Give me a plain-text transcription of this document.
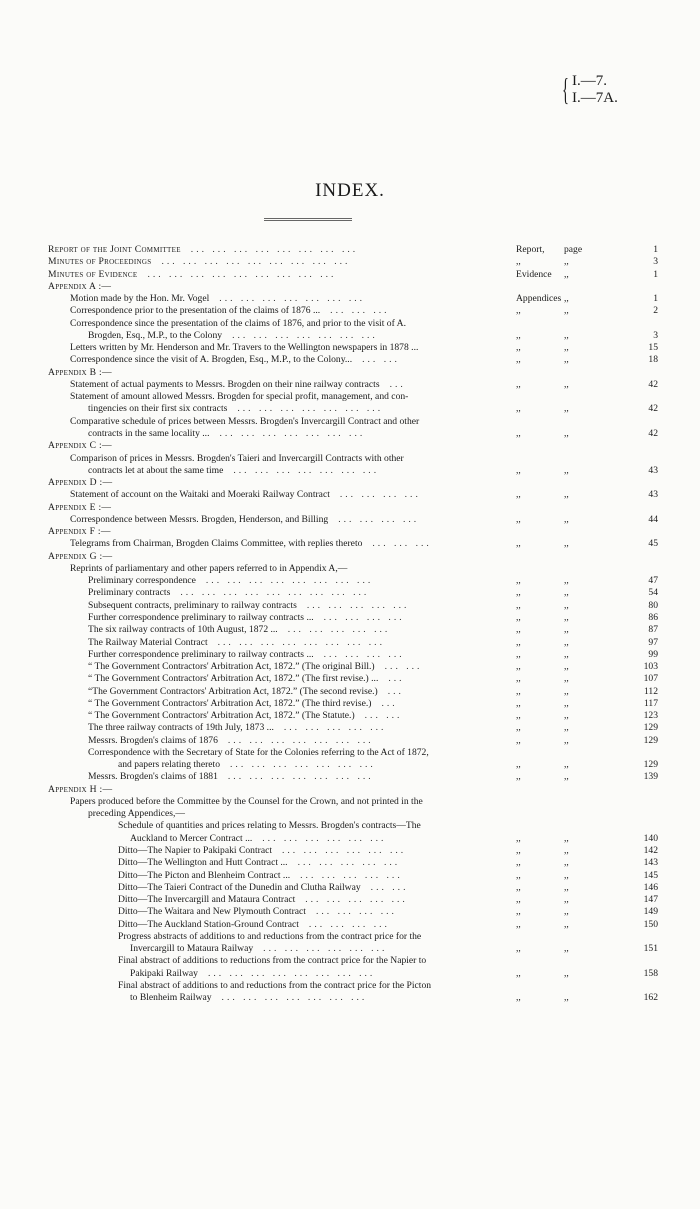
{ I.—7.
I.—7A.
INDEX.
Report of the Joint Committee ... ... ... ... ... ... ... ...	Report, page	1
Minutes of Proceedings ... ... ... ... ... ... ... ... ...	,,	,,	3
Minutes of Evidence ... ... ... ... ... ... ... ... ...	Evidence ,,	1
Appendix A :—
Motion made by the Hon. Mr. Vogel ... ... ... ... ... ... ...	Appendices ,,	1
Correspondence prior to the presentation of the claims of 1876 ... ... ... ...	,,	,,	2
Correspondence since the presentation of the claims of 1876, and prior to the visit of A.
Brogden, Esq., M.P., to the Colony ... ... ... ... ... ... ...	,,	,,	3
Letters written by Mr. Henderson and Mr. Travers to the Wellington newspapers in 1878 ...	,,	,,	15
Correspondence since the visit of A. Brogden, Esq., M.P., to the Colony... ... ...	,,	,,	18
Appendix B :—
Statement of actual payments to Messrs. Brogden on their nine railway contracts ...	,,	,,	42
Statement of amount allowed Messrs. Brogden for special profit, management, and con-
tingencies on their first six contracts ... ... ... ... ... ... ...	,,	,,	42
Comparative schedule of prices between Messrs. Brogden's Invercargill Contract and other
contracts in the same locality ... ... ... ... ... ... ... ...	,,	,,	42
Appendix C :—
Comparison of prices in Messrs. Brogden's Taieri and Invercargill Contracts with other
contracts let at about the same time ... ... ... ... ... ... ...	,,	,,	43
Appendix D :—
Statement of account on the Waitaki and Moeraki Railway Contract ... ... ... ...	,,	,,	43
Appendix E :—
Correspondence between Messrs. Brogden, Henderson, and Billing ... ... ... ...	,,	,,	44
Appendix F :—
Telegrams from Chairman, Brogden Claims Committee, with replies thereto ... ... ...	,,	,,	45
Appendix G :—
Reprints of parliamentary and other papers referred to in Appendix A,—
Preliminary correspondence ... ... ... ... ... ... ... ...	,,	,,	47
Preliminary contracts ... ... ... ... ... ... ... ... ...	,,	,,	54
Subsequent contracts, preliminary to railway contracts ... ... ... ... ...	,,	,,	80
Further correspondence preliminary to railway contracts ... ... ... ... ...	,,	,,	86
The six railway contracts of 10th August, 1872 ... ... ... ... ... ...	,,	,,	87
The Railway Material Contract ... ... ... ... ... ... ... ...	,,	,,	97
Further correspondence preliminary to railway contracts ... ... ... ... ...	,,	,,	99
“ The Government Contractors' Arbitration Act, 1872.” (The original Bill.) ... ...	,,	,,	103
“ The Government Contractors' Arbitration Act, 1872.” (The first revise.) ... ...	,,	,,	107
“The Government Contractors' Arbitration Act, 1872.” (The second revise.) ...	,,	,,	112
“ The Government Contractors' Arbitration Act, 1872.” (The third revise.) ...	,,	,,	117
“ The Government Contractors' Arbitration Act, 1872.” (The Statute.) ... ...	,,	,,	123
The three railway contracts of 19th July, 1873 ... ... ... ... ... ...	,,	,,	129
Messrs. Brogden's claims of 1876 ... ... ... ... ... ... ...	,,	,,	129
Correspondence with the Secretary of State for the Colonies referring to the Act of 1872,
and papers relating thereto ... ... ... ... ... ... ...	,,	,,	129
Messrs. Brogden's claims of 1881 ... ... ... ... ... ... ...	,,	,,	139
Appendix H :—
Papers produced before the Committee by the Counsel for the Crown, and not printed in the
preceding Appendices,—
Schedule of quantities and prices relating to Messrs. Brogden's contracts—The
Auckland to Mercer Contract ... ... ... ... ... ... ...	,,	,,	140
Ditto—The Napier to Pakipaki Contract ... ... ... ... ... ...	,,	,,	142
Ditto—The Wellington and Hutt Contract ... ... ... ... ... ...	,,	,,	143
Ditto—The Picton and Blenheim Contract ... ... ... ... ... ...	,,	,,	145
Ditto—The Taieri Contract of the Dunedin and Clutha Railway ... ...	,,	,,	146
Ditto—The Invercargill and Mataura Contract ... ... ... ... ...	,,	,,	147
Ditto—The Waitara and New Plymouth Contract ... ... ... ...	,,	,,	149
Ditto—The Auckland Station-Ground Contract ... ... ... ...	,,	,,	150
Progress abstracts of additions to and reductions from the contract price for the
Invercargill to Mataura Railway ... ... ... ... ... ...	,,	,,	151
Final abstract of additions to reductions from the contract price for the Napier to
Pakipaki Railway ... ... ... ... ... ... ... ...	,,	,,	158
Final abstract of additions to and reductions from the contract price for the Picton
to Blenheim Railway ... ... ... ... ... ... ...	,,	,,	162
